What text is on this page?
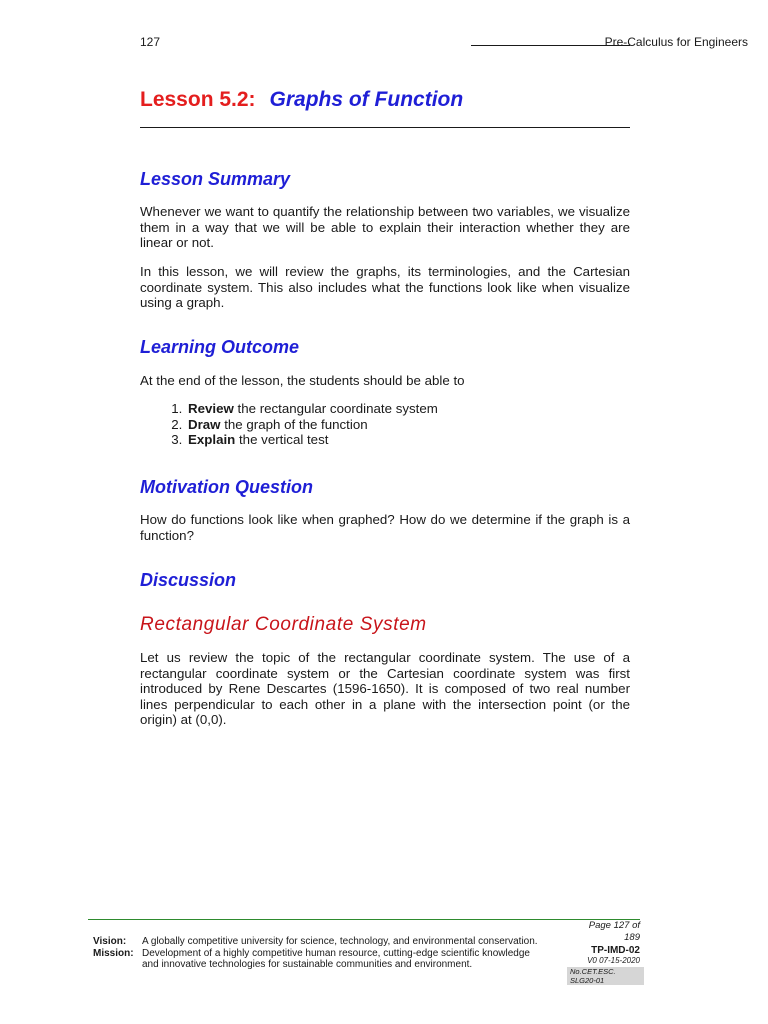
127	Pre-Calculus for Engineers
Lesson 5.2: Graphs of Function
Lesson Summary

Whenever we want to quantify the relationship between two variables, we visualize them in a way that we will be able to explain their interaction whether they are linear or not.

In this lesson, we will review the graphs, its terminologies, and the Cartesian coordinate system. This also includes what the functions look like when visualize using a graph.

Learning Outcome

At the end of the lesson, the students should be able to

1. Review the rectangular coordinate system
2. Draw the graph of the function
3. Explain the vertical test
Motivation Question

How do functions look like when graphed? How do we determine if the graph is a function?

Discussion
Rectangular Coordinate System

Let us review the topic of the rectangular coordinate system. The use of a rectangular coordinate system or the Cartesian coordinate system was first introduced by Rene Descartes (1596-1650). It is composed of two real number lines perpendicular to each other in a plane with the intersection point (or the origin) at (0,0).

Page 127 of
189
Vision:
Mission:
A globally competitive university for science, technology, and environmental conservation.
Development of a highly competitive human resource, cutting-edge scientific knowledge
and innovative technologies for sustainable communities and environment.
TP-IMD-02
V0 07-15-2020
No.CET.ESC.
SLG20-01
